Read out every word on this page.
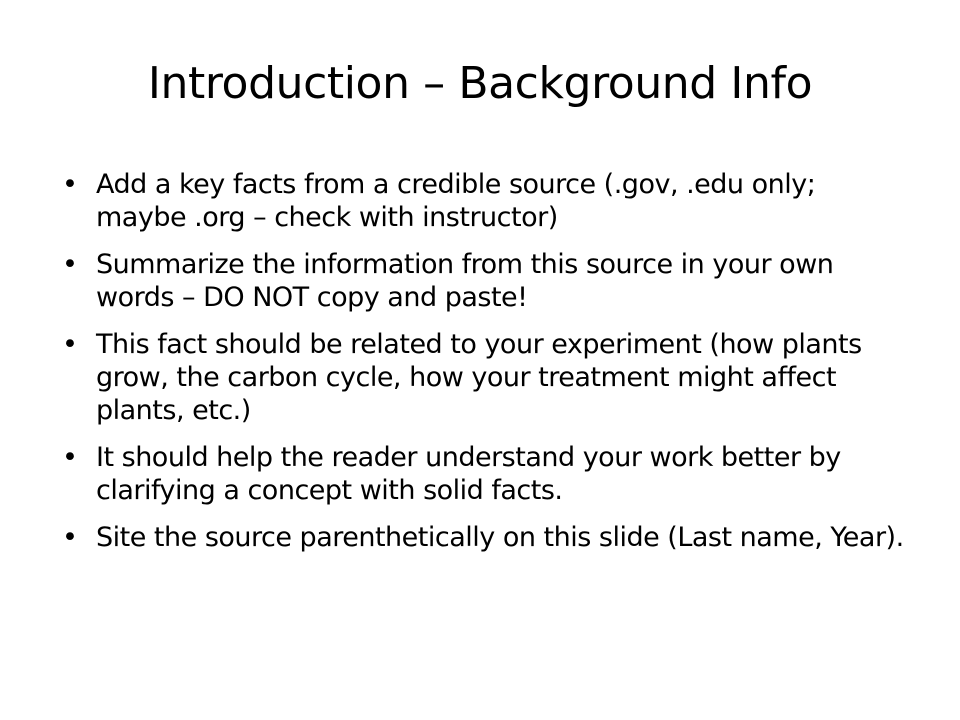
Introduction – Background Info
• Add a key facts from a credible source (.gov, .edu only; maybe .org – check with instructor)
• Summarize the information from this source in your own words – DO NOT copy and paste!
• This fact should be related to your experiment (how plants grow, the carbon cycle, how your treatment might affect plants, etc.)
• It should help the reader understand your work better by clarifying a concept with solid facts.
• Site the source parenthetically on this slide (Last name, Year).
